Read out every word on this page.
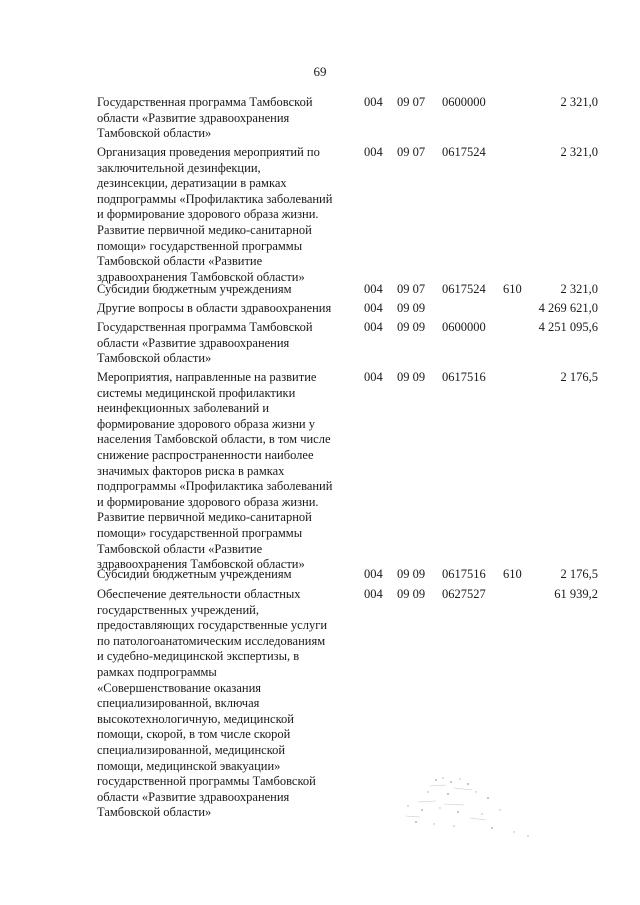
69
Государственная программа Тамбовской
области «Развитие здравоохранения
Тамбовской области»
004 09 07 0600000	2 321,0
Организация проведения мероприятий по
заключительной дезинфекции,
дезинсекции, дератизации в рамках
подпрограммы «Профилактика заболеваний
и формирование здорового образа жизни.
Развитие первичной медико-санитарной
помощи» государственной программы
Тамбовской области «Развитие
здравоохранения Тамбовской области»
004 09 07 0617524	2 321,0
Субсидии бюджетным учреждениям	004 09 07 0617524 610	2 321,0
Другие вопросы в области здравоохранения	004 09 09	4 269 621,0
Государственная программа Тамбовской
области «Развитие здравоохранения
Тамбовской области»
004 09 09 0600000	4 251 095,6
Мероприятия, направленные на развитие
системы медицинской профилактики
неинфекционных заболеваний и
формирование здорового образа жизни у
населения Тамбовской области, в том числе
снижение распространенности наиболее
значимых факторов риска в рамках
подпрограммы «Профилактика заболеваний
и формирование здорового образа жизни.
Развитие первичной медико-санитарной
помощи» государственной программы
Тамбовской области «Развитие
здравоохранения Тамбовской области»
004 09 09 0617516	2 176,5
Субсидии бюджетным учреждениям	004 09 09 0617516 610	2 176,5
Обеспечение деятельности областных
государственных учреждений,
предоставляющих государственные услуги
по патологоанатомическим исследованиям
и судебно-медицинской экспертизы, в
рамках подпрограммы
«Совершенствование оказания
специализированной, включая
высокотехнологичную, медицинской
помощи, скорой, в том числе скорой
специализированной, медицинской
помощи, медицинской эвакуации»
государственной программы Тамбовской
области «Развитие здравоохранения
Тамбовской области»
004 09 09 0627527	61 939,2
